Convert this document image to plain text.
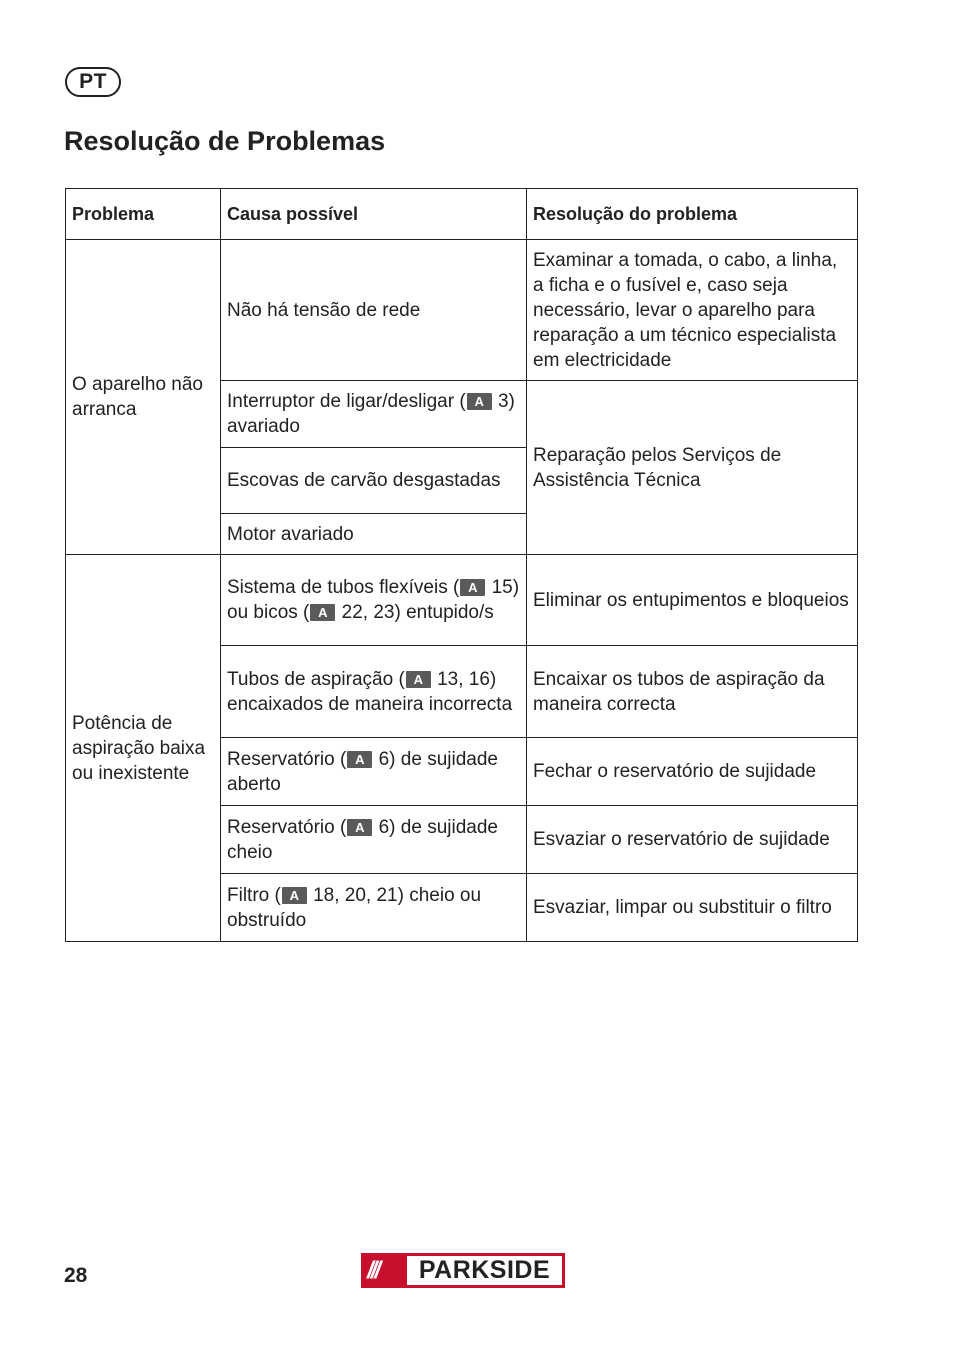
PT
Resolução de Problemas
Problema	Causa possível	Resolução do problema
O aparelho não arranca	Não há tensão de rede	Examinar a tomada, o cabo, a linha, a ficha e o fusível e, caso seja necessário, levar o aparelho para reparação a um técnico especialista em electricidade
	Interruptor de ligar/desligar ( A 3) avariado	Reparação pelos Serviços de Assistência Técnica
	Escovas de carvão desgastadas	
	Motor avariado	
Potência de aspiração baixa ou inexistente	Sistema de tubos flexíveis ( A 15) ou bicos ( A 22, 23) entupido/s	Eliminar os entupimentos e bloqueios
	Tubos de aspiração ( A 13, 16) encaixados de maneira incorrecta	Encaixar os tubos de aspiração da maneira correcta
	Reservatório ( A 6) de sujidade aberto	Fechar o reservatório de sujidade
	Reservatório ( A 6) de sujidade cheio	Esvaziar o reservatório de sujidade
	Filtro ( A 18, 20, 21) cheio ou obstruído	Esvaziar, limpar ou substituir o filtro
28	///	PARKSIDE
